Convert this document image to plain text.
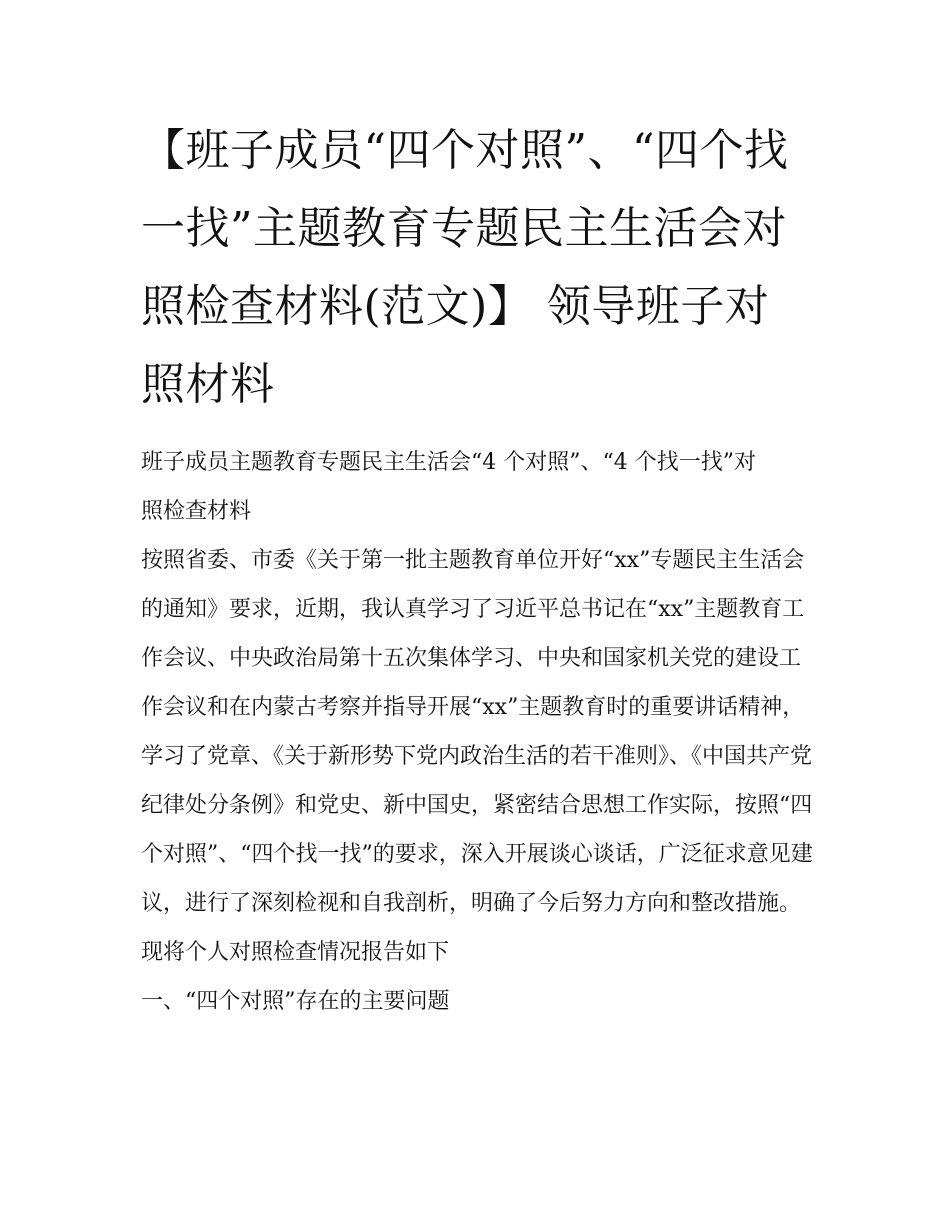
【班子成员“四个对照”、“四个找一找”主题教育专题民主生活会对照检查材料(范文)】 领导班子对照材料

班子成员主题教育专题民主生活会“4 个对照”、“4 个找一找”对照检查材料

按照省委、市委《关于第一批主题教育单位开好“xx”专题民主生活会的通知》要求，近期，我认真学习了习近平总书记在“xx”主题教育工作会议、中央政治局第十五次集体学习、中央和国家机关党的建设工作会议和在内蒙古考察并指导开展“xx”主题教育时的重要讲话精神，学习了党章、《关于新形势下党内政治生活的若干准则》、《中国共产党纪律处分条例》和党史、新中国史，紧密结合思想工作实际，按照“四个对照”、“四个找一找”的要求，深入开展谈心谈话，广泛征求意见建议，进行了深刻检视和自我剖析，明确了今后努力方向和整改措施。现将个人对照检查情况报告如下

一、“四个对照”存在的主要问题
